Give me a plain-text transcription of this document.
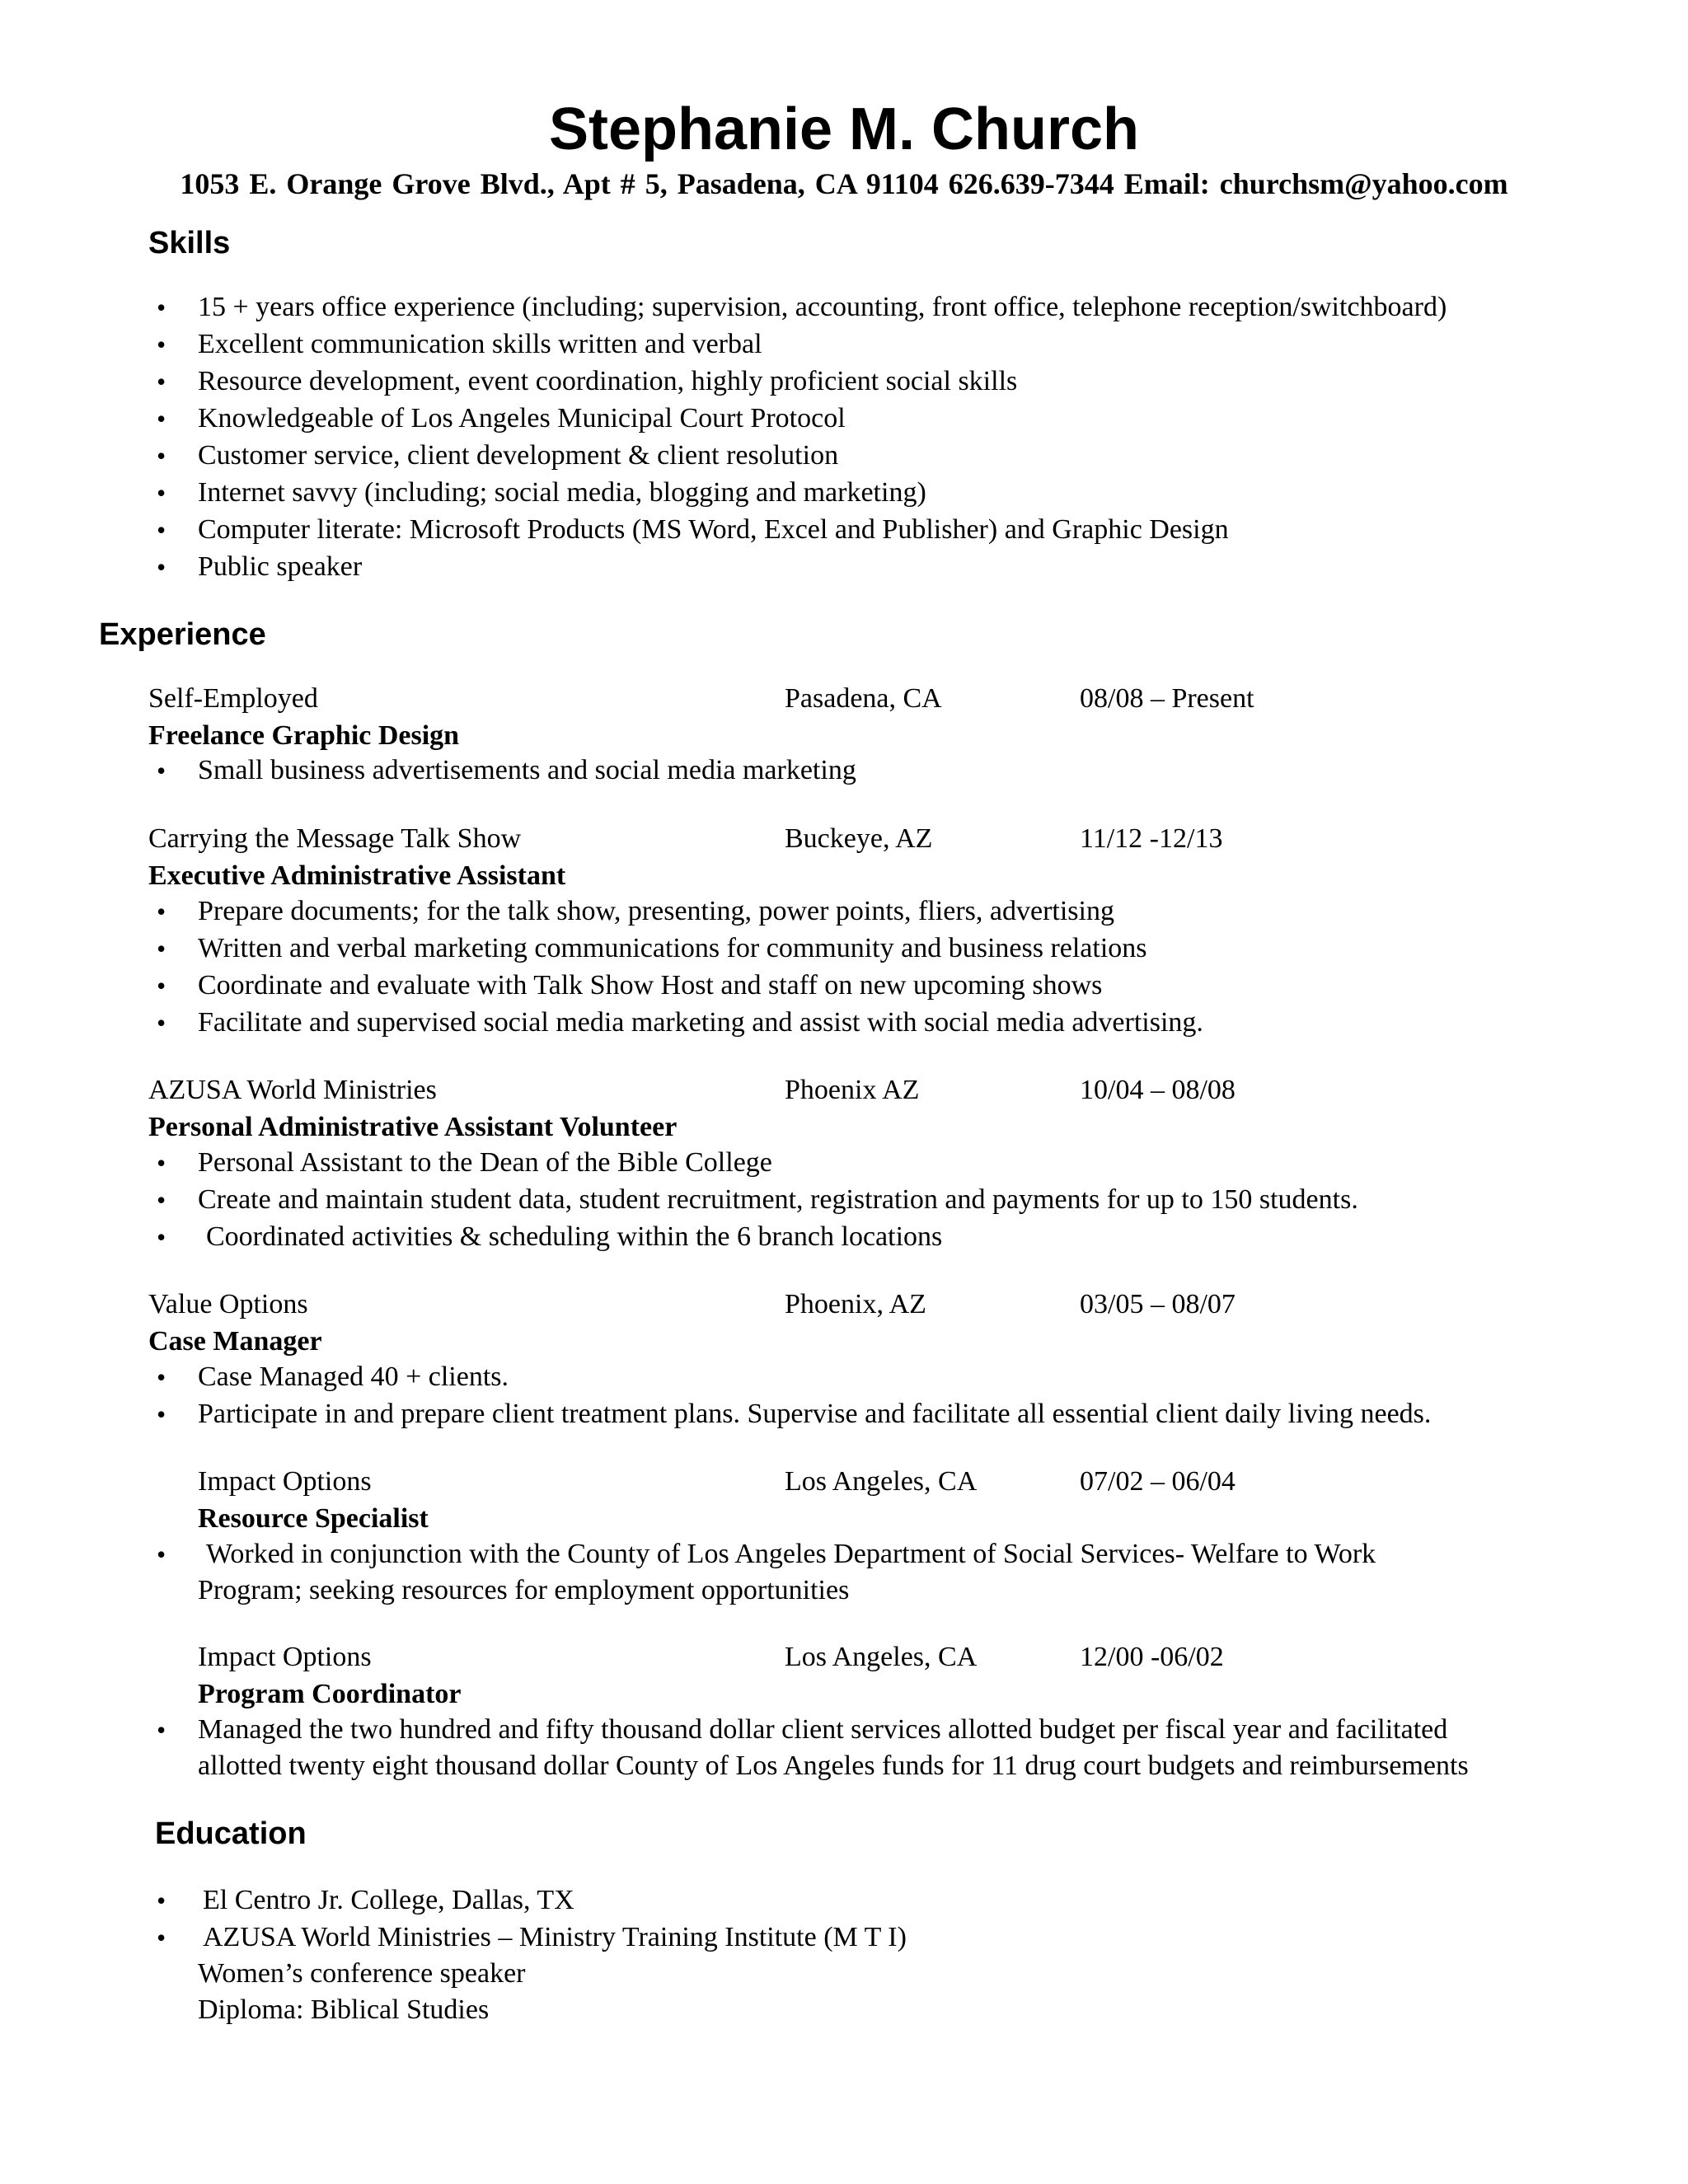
Stephanie M. Church
1053 E. Orange Grove Blvd., Apt # 5, Pasadena, CA 91104 626.639-7344 Email: churchsm@yahoo.com
Skills
• 15 + years office experience (including; supervision, accounting, front office, telephone reception/switchboard)
• Excellent communication skills written and verbal
• Resource development, event coordination, highly proficient social skills
• Knowledgeable of Los Angeles Municipal Court Protocol
• Customer service, client development & client resolution
• Internet savvy (including; social media, blogging and marketing)
• Computer literate: Microsoft Products (MS Word, Excel and Publisher) and Graphic Design
• Public speaker
Experience
Self-Employed	Pasadena, CA	08/08 – Present
Freelance Graphic Design
• Small business advertisements and social media marketing
Carrying the Message Talk Show	Buckeye, AZ	11/12 -12/13
Executive Administrative Assistant
• Prepare documents; for the talk show, presenting, power points, fliers, advertising
• Written and verbal marketing communications for community and business relations
• Coordinate and evaluate with Talk Show Host and staff on new upcoming shows
• Facilitate and supervised social media marketing and assist with social media advertising.
AZUSA World Ministries	Phoenix AZ	10/04 – 08/08
Personal Administrative Assistant Volunteer
• Personal Assistant to the Dean of the Bible College
• Create and maintain student data, student recruitment, registration and payments for up to 150 students.
• Coordinated activities & scheduling within the 6 branch locations
Value Options	Phoenix, AZ	03/05 – 08/07
Case Manager
• Case Managed 40 + clients.
• Participate in and prepare client treatment plans. Supervise and facilitate all essential client daily living needs.
Impact Options	Los Angeles, CA	07/02 – 06/04
Resource Specialist
• Worked in conjunction with the County of Los Angeles Department of Social Services- Welfare to Work
Program; seeking resources for employment opportunities
Impact Options	Los Angeles, CA	12/00 -06/02
Program Coordinator
• Managed the two hundred and fifty thousand dollar client services allotted budget per fiscal year and facilitated
allotted twenty eight thousand dollar County of Los Angeles funds for 11 drug court budgets and reimbursements
Education
• El Centro Jr. College, Dallas, TX
• AZUSA World Ministries – Ministry Training Institute (M T I)
Women’s conference speaker
Diploma: Biblical Studies
